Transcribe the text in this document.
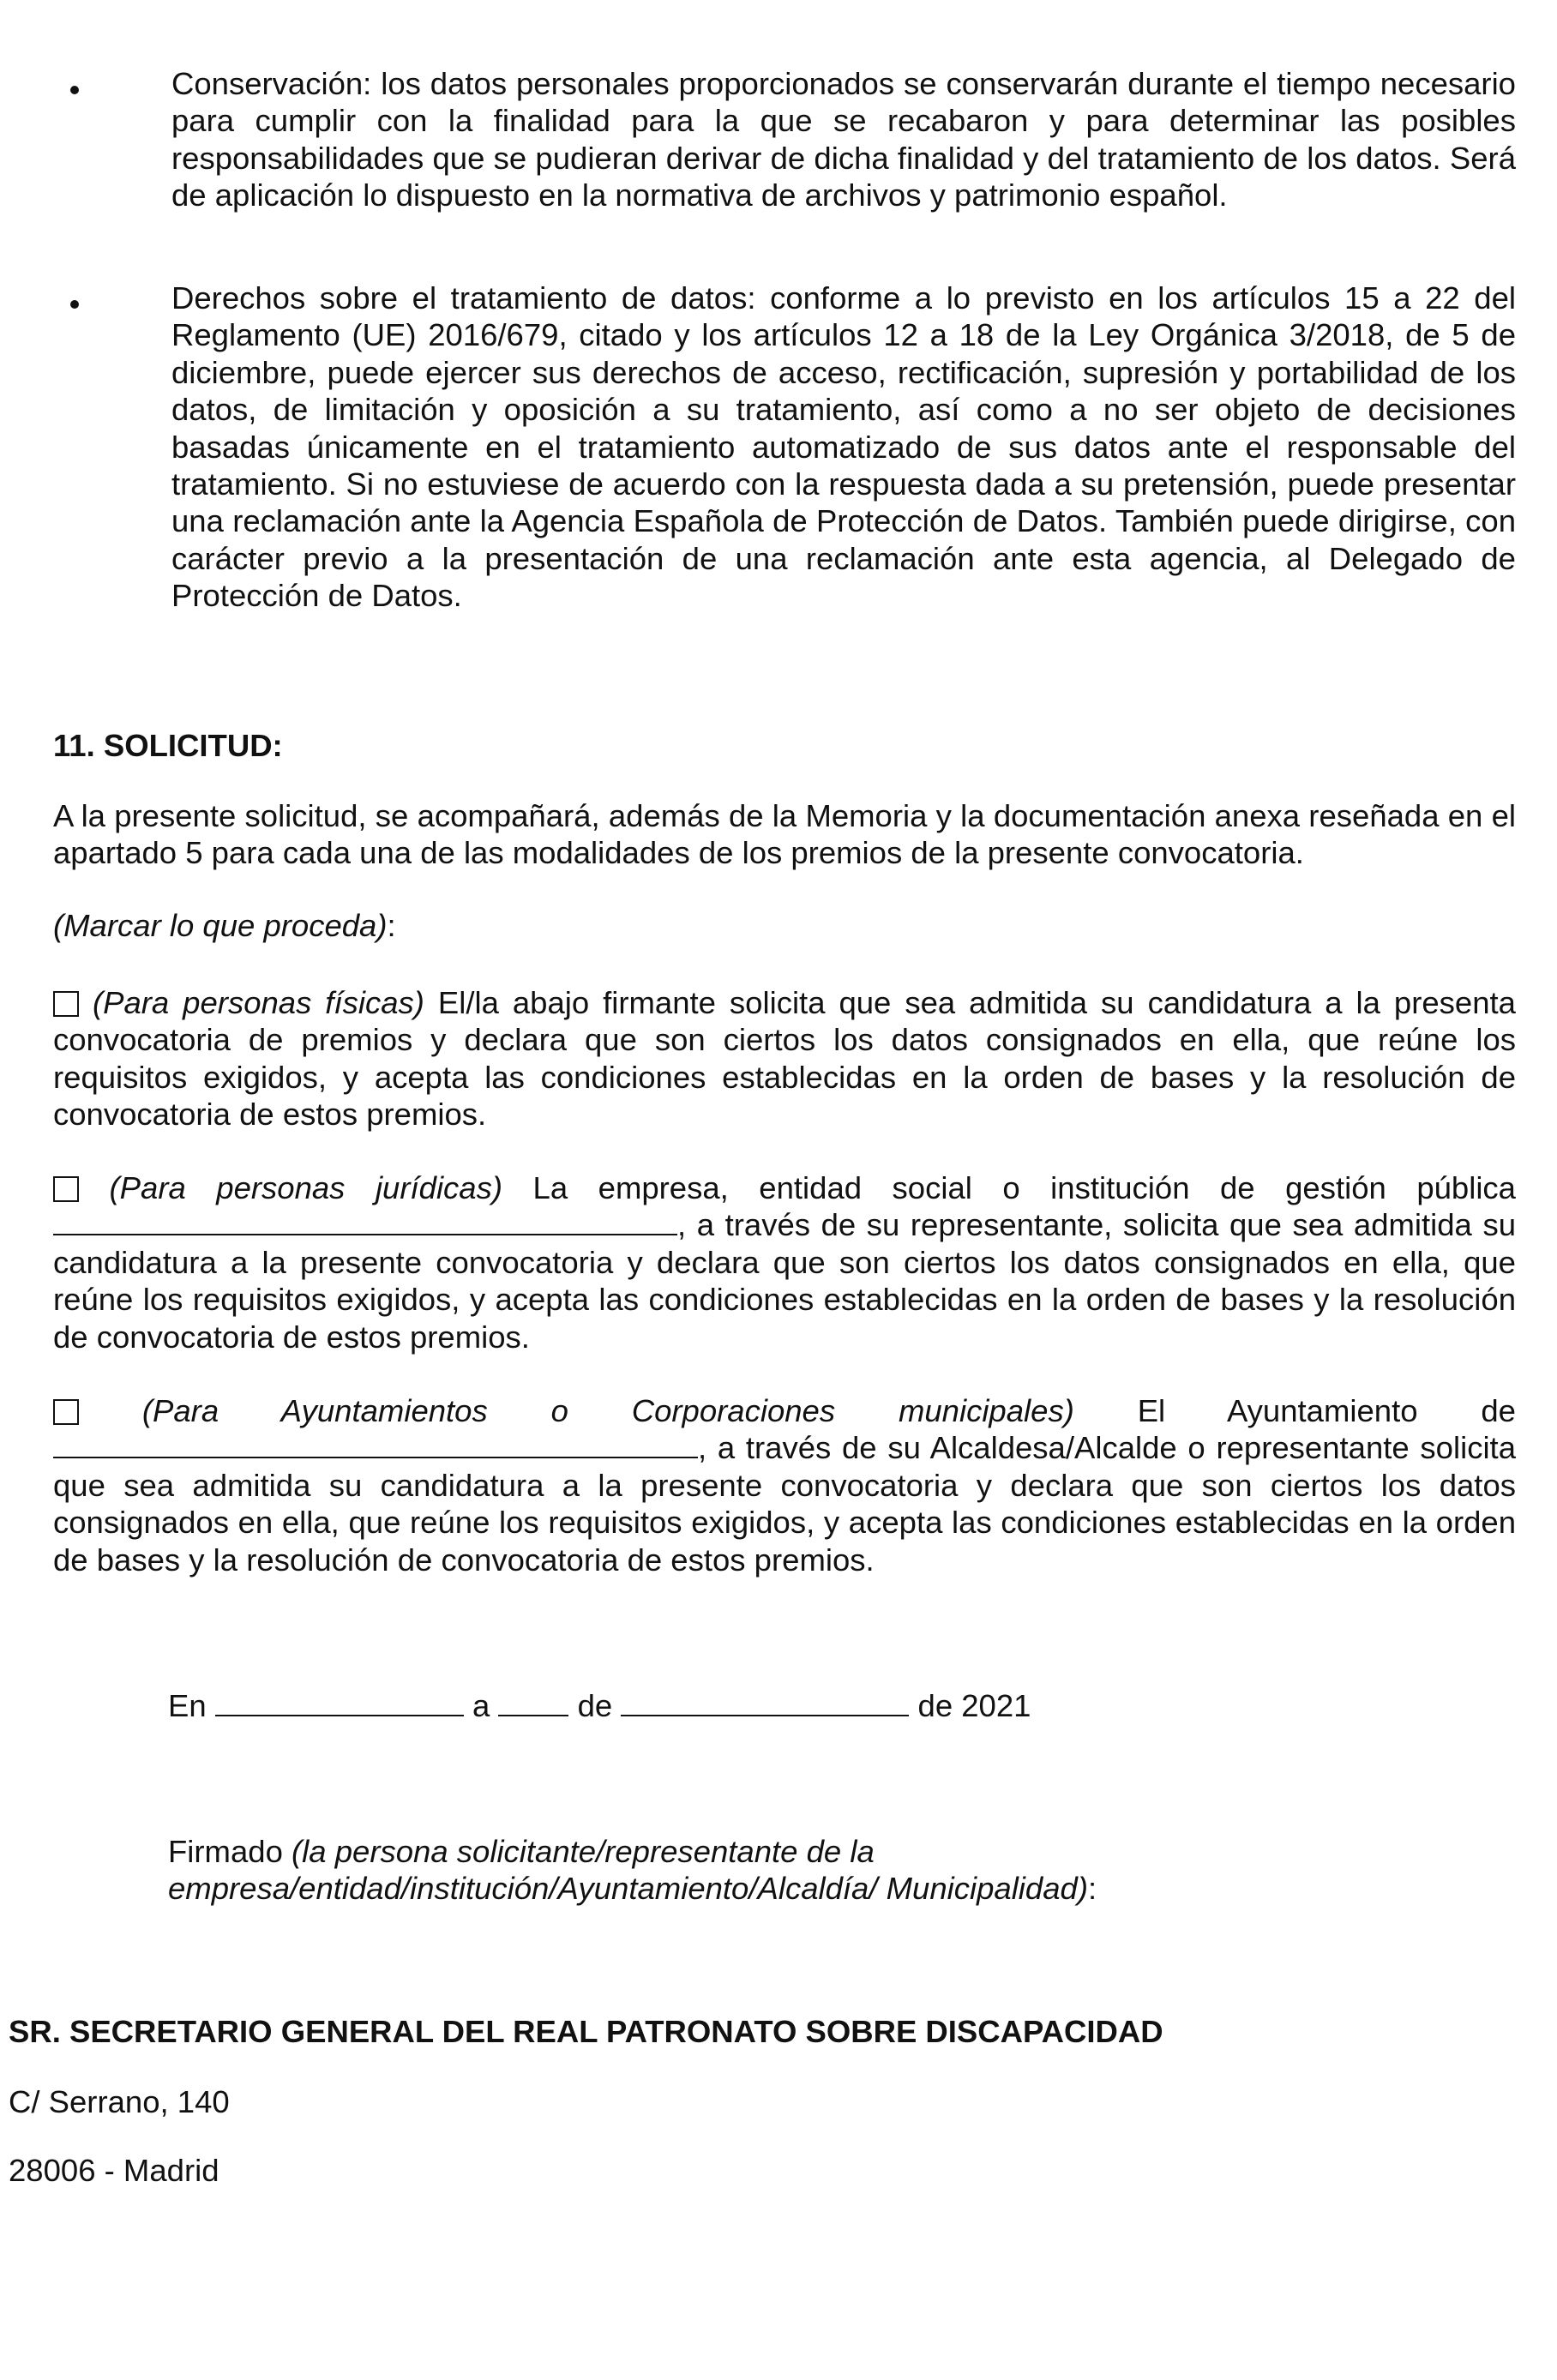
Conservación: los datos personales proporcionados se conservarán durante el tiempo necesario para cumplir con la finalidad para la que se recabaron y para determinar las posibles responsabilidades que se pudieran derivar de dicha finalidad y del tratamiento de los datos. Será de aplicación lo dispuesto en la normativa de archivos y patrimonio español.

Derechos sobre el tratamiento de datos: conforme a lo previsto en los artículos 15 a 22 del Reglamento (UE) 2016/679, citado y los artículos 12 a 18 de la Ley Orgánica 3/2018, de 5 de diciembre, puede ejercer sus derechos de acceso, rectificación, supresión y portabilidad de los datos, de limitación y oposición a su tratamiento, así como a no ser objeto de decisiones basadas únicamente en el tratamiento automatizado de sus datos ante el responsable del tratamiento. Si no estuviese de acuerdo con la respuesta dada a su pretensión, puede presentar una reclamación ante la Agencia Española de Protección de Datos. También puede dirigirse, con carácter previo a la presentación de una reclamación ante esta agencia, al Delegado de Protección de Datos.

11. SOLICITUD:

A la presente solicitud, se acompañará, además de la Memoria y la documentación anexa reseñada en el apartado 5 para cada una de las modalidades de los premios de la presente convocatoria.

(Marcar lo que proceda):

(Para personas físicas) El/la abajo firmante solicita que sea admitida su candidatura a la presenta convocatoria de premios y declara que son ciertos los datos consignados en ella, que reúne los requisitos exigidos, y acepta las condiciones establecidas en la orden de bases y la resolución de convocatoria de estos premios.

(Para personas jurídicas) La empresa, entidad social o institución de gestión pública , a través de su representante, solicita que sea admitida su candidatura a la presente convocatoria y declara que son ciertos los datos consignados en ella, que reúne los requisitos exigidos, y acepta las condiciones establecidas en la orden de bases y la resolución de convocatoria de estos premios.

(Para Ayuntamientos o Corporaciones municipales) El Ayuntamiento de , a través de su Alcaldesa/Alcalde o representante solicita que sea admitida su candidatura a la presente convocatoria y declara que son ciertos los datos consignados en ella, que reúne los requisitos exigidos, y acepta las condiciones establecidas en la orden de bases y la resolución de convocatoria de estos premios.

En	a	de	de 2021
Firmado (la persona solicitante/representante de la empresa/entidad/institución/Ayuntamiento/Alcaldía/ Municipalidad):
SR. SECRETARIO GENERAL DEL REAL PATRONATO SOBRE DISCAPACIDAD
C/ Serrano, 140
28006 - Madrid
